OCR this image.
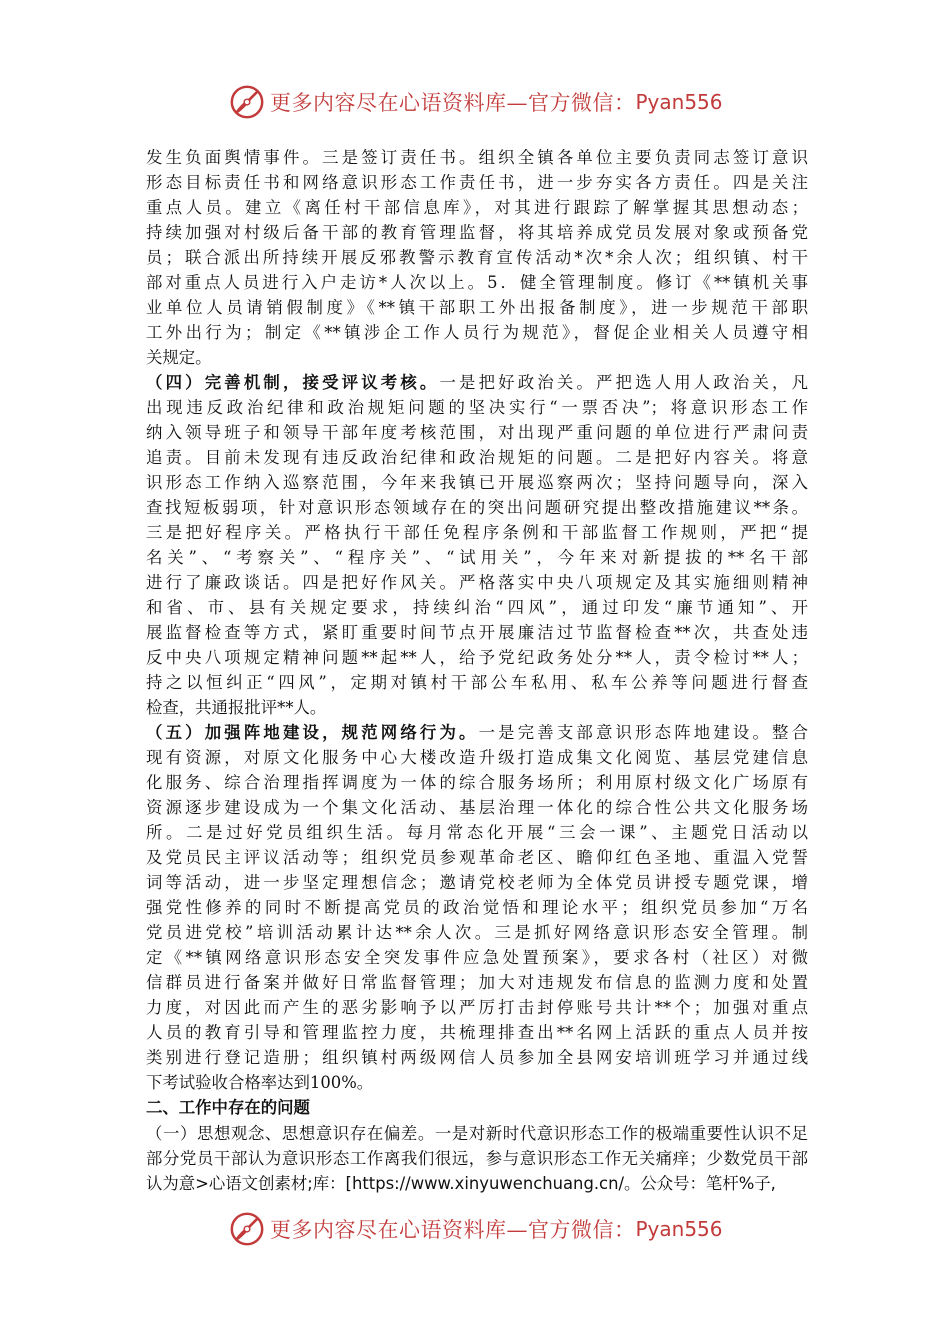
更多内容尽在心语资料库—官方微信： Pyan556

发生负面舆情事件。三是签订责任书。组织全镇各单位主要负责同志签订意识
形态目标责任书和网络意识形态工作责任书，进一步夯实各方责任。四是关注
重点人员。建立《离任村干部信息库》，对其进行跟踪了解掌握其思想动态；
持续加强对村级后备干部的教育管理监督，将其培养成党员发展对象或预备党
员；联合派出所持续开展反邪教警示教育宣传活动*次*余人次；组织镇、村干
部对重点人员进行入户走访*人次以上。5．健全管理制度。修订《**镇机关事
业单位人员请销假制度》《**镇干部职工外出报备制度》，进一步规范干部职
工外出行为；制定《**镇涉企工作人员行为规范》，督促企业相关人员遵守相
关规定。

（四）完善机制，接受评议考核。一是把好政治关。严把选人用人政治关，凡
出现违反政治纪律和政治规矩问题的坚决实行“一票否决”；将意识形态工作
纳入领导班子和领导干部年度考核范围，对出现严重问题的单位进行严肃问责
追责。目前未发现有违反政治纪律和政治规矩的问题。二是把好内容关。将意
识形态工作纳入巡察范围，今年来我镇已开展巡察两次；坚持问题导向，深入
查找短板弱项，针对意识形态领域存在的突出问题研究提出整改措施建议**条。
三是把好程序关。严格执行干部任免程序条例和干部监督工作规则，严把“提
名关”、“考察关”、“程序关”、“试用关”，今年来对新提拔的**名干部
进行了廉政谈话。四是把好作风关。严格落实中央八项规定及其实施细则精神
和省、市、县有关规定要求，持续纠治“四风”，通过印发“廉节通知”、开
展监督检查等方式，紧盯重要时间节点开展廉洁过节监督检查**次，共查处违
反中央八项规定精神问题**起**人，给予党纪政务处分**人，责令检讨**人；
持之以恒纠正“四风”，定期对镇村干部公车私用、私车公养等问题进行督查
检查，共通报批评**人。

（五）加强阵地建设，规范网络行为。一是完善支部意识形态阵地建设。整合
现有资源，对原文化服务中心大楼改造升级打造成集文化阅览、基层党建信息
化服务、综合治理指挥调度为一体的综合服务场所；利用原村级文化广场原有
资源逐步建设成为一个集文化活动、基层治理一体化的综合性公共文化服务场
所。二是过好党员组织生活。每月常态化开展“三会一课”、主题党日活动以
及党员民主评议活动等；组织党员参观革命老区、瞻仰红色圣地、重温入党誓
词等活动，进一步坚定理想信念；邀请党校老师为全体党员讲授专题党课，增
强党性修养的同时不断提高党员的政治觉悟和理论水平；组织党员参加“万名
党员进党校”培训活动累计达**余人次。三是抓好网络意识形态安全管理。制
定《**镇网络意识形态安全突发事件应急处置预案》，要求各村（社区）对微
信群员进行备案并做好日常监督管理；加大对违规发布信息的监测力度和处置
力度，对因此而产生的恶劣影响予以严厉打击封停账号共计**个；加强对重点
人员的教育引导和管理监控力度，共梳理排查出**名网上活跃的重点人员并按
类别进行登记造册；组织镇村两级网信人员参加全县网安培训班学习并通过线
下考试验收合格率达到100%。

二、工作中存在的问题

（一）思想观念、思想意识存在偏差。一是对新时代意识形态工作的极端重要性认识不足
部分党员干部认为意识形态工作离我们很远，参与意识形态工作无关痛痒；少数党员干部
认为意>心语文创素材;库：[https://www.xinyuwenchuang.cn/。公众号：笔杆%子,

更多内容尽在心语资料库—官方微信： Pyan556
